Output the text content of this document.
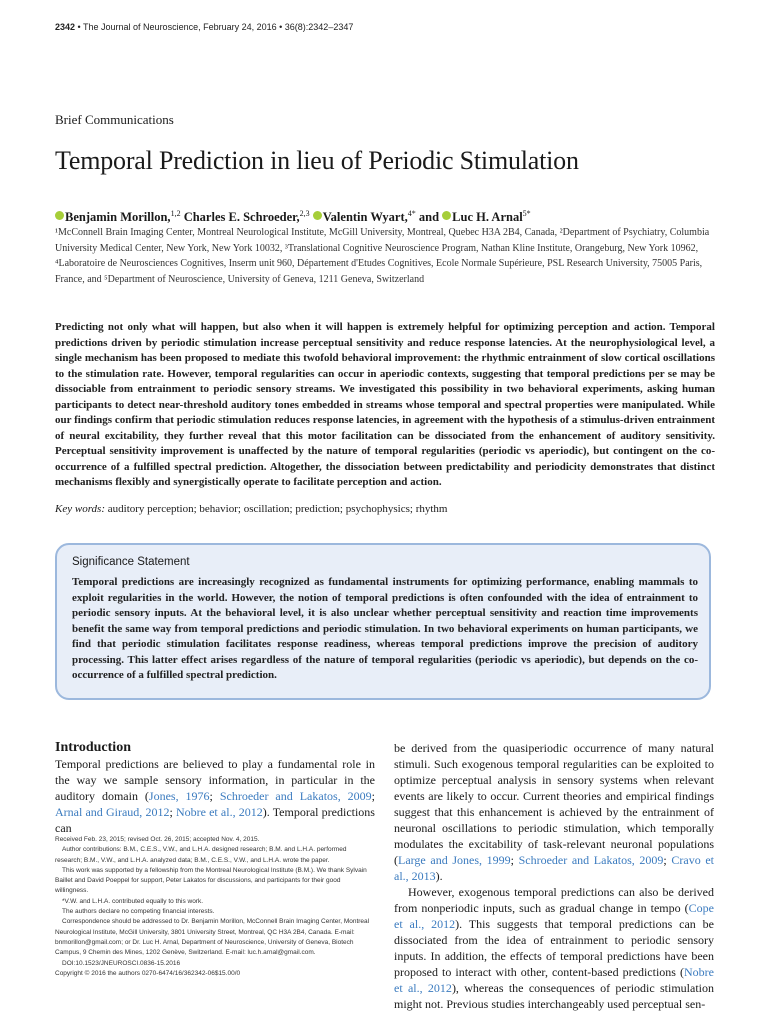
2342 • The Journal of Neuroscience, February 24, 2016 • 36(8):2342–2347
Brief Communications
Temporal Prediction in lieu of Periodic Stimulation
Benjamin Morillon,$^{1,2}$ Charles E. Schroeder,$^{2,3}$ Valentin Wyart,$^{4*}$ and Luc H. Arnal$^{5*}$
¹McConnell Brain Imaging Center, Montreal Neurological Institute, McGill University, Montreal, Quebec H3A 2B4, Canada, ²Department of Psychiatry, Columbia University Medical Center, New York, New York 10032, ³Translational Cognitive Neuroscience Program, Nathan Kline Institute, Orangeburg, New York 10962, ⁴Laboratoire de Neurosciences Cognitives, Inserm unit 960, Département d'Etudes Cognitives, Ecole Normale Supérieure, PSL Research University, 75005 Paris, France, and ⁵Department of Neuroscience, University of Geneva, 1211 Geneva, Switzerland
Predicting not only what will happen, but also when it will happen is extremely helpful for optimizing perception and action. Temporal predictions driven by periodic stimulation increase perceptual sensitivity and reduce response latencies. At the neurophysiological level, a single mechanism has been proposed to mediate this twofold behavioral improvement: the rhythmic entrainment of slow cortical oscillations to the stimulation rate. However, temporal regularities can occur in aperiodic contexts, suggesting that temporal predictions per se may be dissociable from entrainment to periodic sensory streams. We investigated this possibility in two behavioral experiments, asking human participants to detect near-threshold auditory tones embedded in streams whose temporal and spectral properties were manipulated. While our findings confirm that periodic stimulation reduces response latencies, in agreement with the hypothesis of a stimulus-driven entrainment of neural excitability, they further reveal that this motor facilitation can be dissociated from the enhancement of auditory sensitivity. Perceptual sensitivity improvement is unaffected by the nature of temporal regularities (periodic vs aperiodic), but contingent on the co-occurrence of a fulfilled spectral prediction. Altogether, the dissociation between predictability and periodicity demonstrates that distinct mechanisms flexibly and synergistically operate to facilitate perception and action.
Key words: auditory perception; behavior; oscillation; prediction; psychophysics; rhythm
Significance Statement
Temporal predictions are increasingly recognized as fundamental instruments for optimizing performance, enabling mammals to exploit regularities in the world. However, the notion of temporal predictions is often confounded with the idea of entrainment to periodic sensory inputs. At the behavioral level, it is also unclear whether perceptual sensitivity and reaction time improvements benefit the same way from temporal predictions and periodic stimulation. In two behavioral experiments on human participants, we find that periodic stimulation facilitates response readiness, whereas temporal predictions improve the precision of auditory processing. This latter effect arises regardless of the nature of temporal regularities (periodic vs aperiodic), but depends on the co-occurrence of a fulfilled spectral prediction.
Introduction
Temporal predictions are believed to play a fundamental role in the way we sample sensory information, in particular in the auditory domain (Jones, 1976; Schroeder and Lakatos, 2009; Arnal and Giraud, 2012; Nobre et al., 2012). Temporal predictions can

Received Feb. 23, 2015; revised Oct. 26, 2015; accepted Nov. 4, 2015.

Author contributions: B.M., C.E.S., V.W., and L.H.A. designed research; B.M. and L.H.A. performed research; B.M., V.W., and L.H.A. analyzed data; B.M., C.E.S., V.W., and L.H.A. wrote the paper.

This work was supported by a fellowship from the Montreal Neurological Institute (B.M.). We thank Sylvain Baillet and David Poeppel for support, Peter Lakatos for discussions, and participants for their good willingness.

*V.W. and L.H.A. contributed equally to this work.

The authors declare no competing financial interests.

Correspondence should be addressed to Dr. Benjamin Morillon, McConnell Brain Imaging Center, Montreal Neurological Institute, McGill University, 3801 University Street, Montreal, QC H3A 2B4, Canada. E-mail: bnmorillon@gmail.com; or Dr. Luc H. Arnal, Department of Neuroscience, University of Geneva, Biotech Campus, 9 Chemin des Mines, 1202 Genève, Switzerland. E-mail: luc.h.arnal@gmail.com.

DOI:10.1523/JNEUROSCI.0836-15.2016

Copyright © 2016 the authors 0270-6474/16/362342-06$15.00/0

be derived from the quasiperiodic occurrence of many natural stimuli. Such exogenous temporal regularities can be exploited to optimize perceptual analysis in sensory systems when relevant events are likely to occur. Current theories and empirical findings suggest that this enhancement is achieved by the entrainment of neuronal oscillations to periodic stimulation, which temporally modulates the excitability of task-relevant neuronal populations (Large and Jones, 1999; Schroeder and Lakatos, 2009; Cravo et al., 2013).

However, exogenous temporal predictions can also be derived from nonperiodic inputs, such as gradual change in tempo (Cope et al., 2012). This suggests that temporal predictions can be dissociated from the idea of entrainment to periodic sensory inputs. In addition, the effects of temporal predictions have been proposed to interact with other, content-based predictions (Nobre et al., 2012), whereas the consequences of periodic stimulation might not. Previous studies interchangeably used perceptual sen-
